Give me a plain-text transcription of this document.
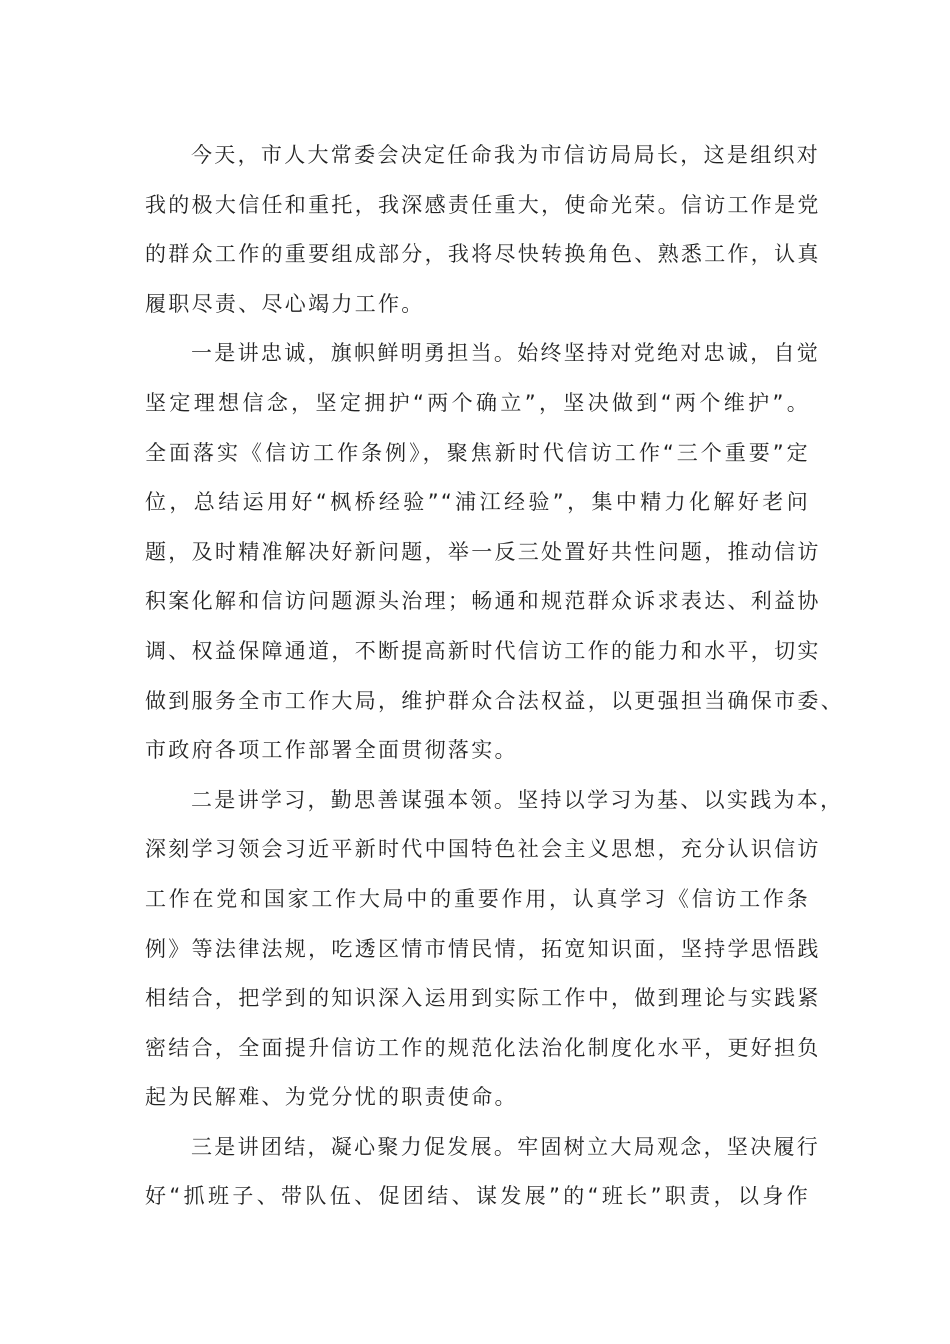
今天，市人大常委会决定任命我为市信访局局长，这是组织对
我的极大信任和重托，我深感责任重大，使命光荣。信访工作是党
的群众工作的重要组成部分，我将尽快转换角色、熟悉工作，认真
履职尽责、尽心竭力工作。
一是讲忠诚，旗帜鲜明勇担当。始终坚持对党绝对忠诚，自觉
坚定理想信念，坚定拥护“两个确立”，坚决做到“两个维护”。
全面落实《信访工作条例》，聚焦新时代信访工作“三个重要”定
位，总结运用好“枫桥经验”“浦江经验”，集中精力化解好老问
题，及时精准解决好新问题，举一反三处置好共性问题，推动信访
积案化解和信访问题源头治理；畅通和规范群众诉求表达、利益协
调、权益保障通道，不断提高新时代信访工作的能力和水平，切实
做到服务全市工作大局，维护群众合法权益，以更强担当确保市委、
市政府各项工作部署全面贯彻落实。
二是讲学习，勤思善谋强本领。坚持以学习为基、以实践为本，
深刻学习领会习近平新时代中国特色社会主义思想，充分认识信访
工作在党和国家工作大局中的重要作用，认真学习《信访工作条
例》等法律法规，吃透区情市情民情，拓宽知识面，坚持学思悟践
相结合，把学到的知识深入运用到实际工作中，做到理论与实践紧
密结合，全面提升信访工作的规范化法治化制度化水平，更好担负
起为民解难、为党分忧的职责使命。
三是讲团结，凝心聚力促发展。牢固树立大局观念，坚决履行
好“抓班子、带队伍、促团结、谋发展”的“班长”职责，以身作
